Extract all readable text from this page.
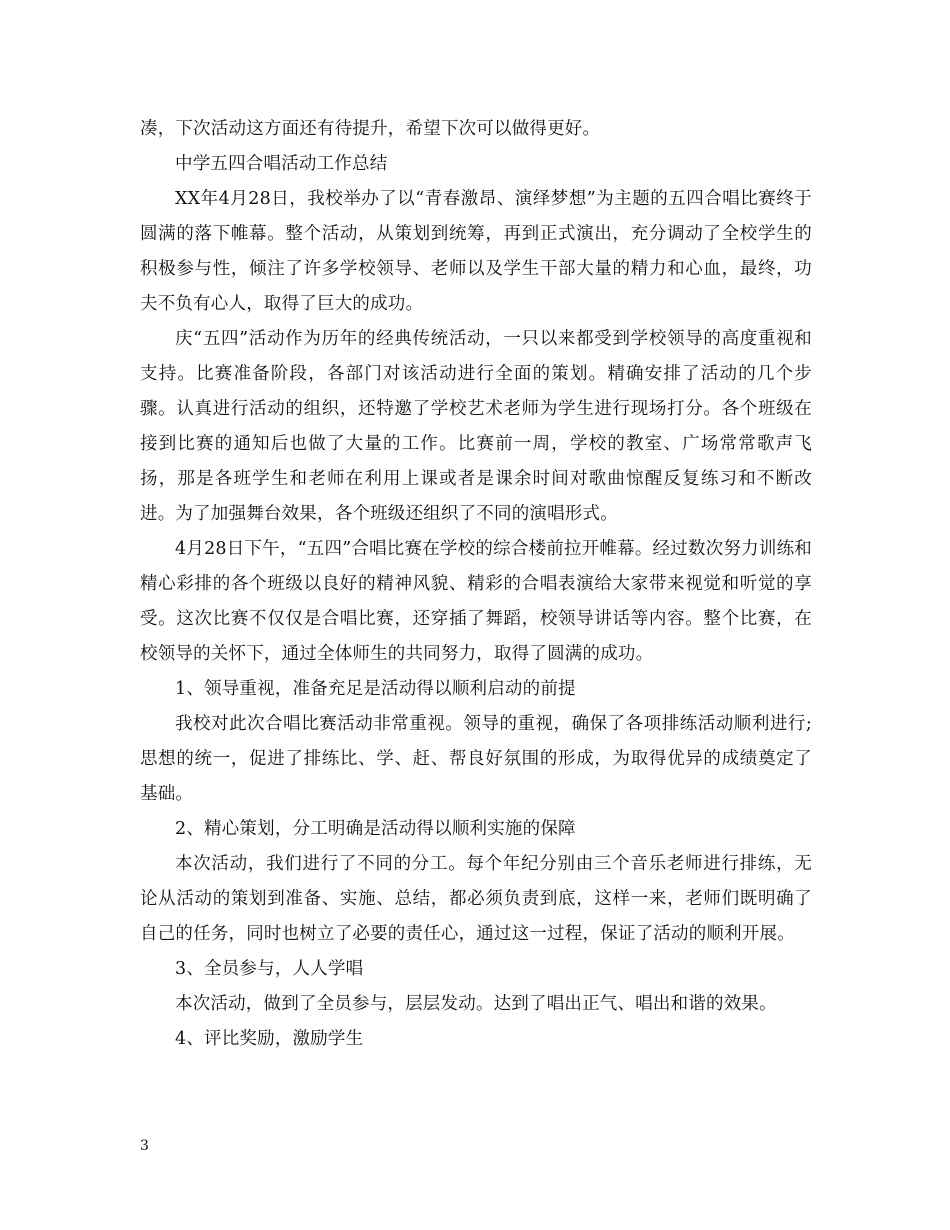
凑，下次活动这方面还有待提升，希望下次可以做得更好。

中学五四合唱活动工作总结

XX年4月28日，我校举办了以“青春激昂、演绎梦想”为主题的五四合唱比赛终于圆满的落下帷幕。整个活动，从策划到统筹，再到正式演出，充分调动了全校学生的积极参与性，倾注了许多学校领导、老师以及学生干部大量的精力和心血，最终，功夫不负有心人，取得了巨大的成功。

庆“五四”活动作为历年的经典传统活动，一只以来都受到学校领导的高度重视和支持。比赛准备阶段，各部门对该活动进行全面的策划。精确安排了活动的几个步骤。认真进行活动的组织，还特邀了学校艺术老师为学生进行现场打分。各个班级在接到比赛的通知后也做了大量的工作。比赛前一周，学校的教室、广场常常歌声飞扬，那是各班学生和老师在利用上课或者是课余时间对歌曲惊醒反复练习和不断改进。为了加强舞台效果，各个班级还组织了不同的演唱形式。

4月28日下午，“五四”合唱比赛在学校的综合楼前拉开帷幕。经过数次努力训练和精心彩排的各个班级以良好的精神风貌、精彩的合唱表演给大家带来视觉和听觉的享受。这次比赛不仅仅是合唱比赛，还穿插了舞蹈，校领导讲话等内容。整个比赛，在校领导的关怀下，通过全体师生的共同努力，取得了圆满的成功。

1、领导重视，准备充足是活动得以顺利启动的前提

我校对此次合唱比赛活动非常重视。领导的重视，确保了各项排练活动顺利进行;思想的统一，促进了排练比、学、赶、帮良好氛围的形成，为取得优异的成绩奠定了基础。

2、精心策划，分工明确是活动得以顺利实施的保障

本次活动，我们进行了不同的分工。每个年纪分别由三个音乐老师进行排练，无论从活动的策划到准备、实施、总结，都必须负责到底，这样一来，老师们既明确了自己的任务，同时也树立了必要的责任心，通过这一过程，保证了活动的顺利开展。

3、全员参与，人人学唱

本次活动，做到了全员参与，层层发动。达到了唱出正气、唱出和谐的效果。

4、评比奖励，激励学生

3
